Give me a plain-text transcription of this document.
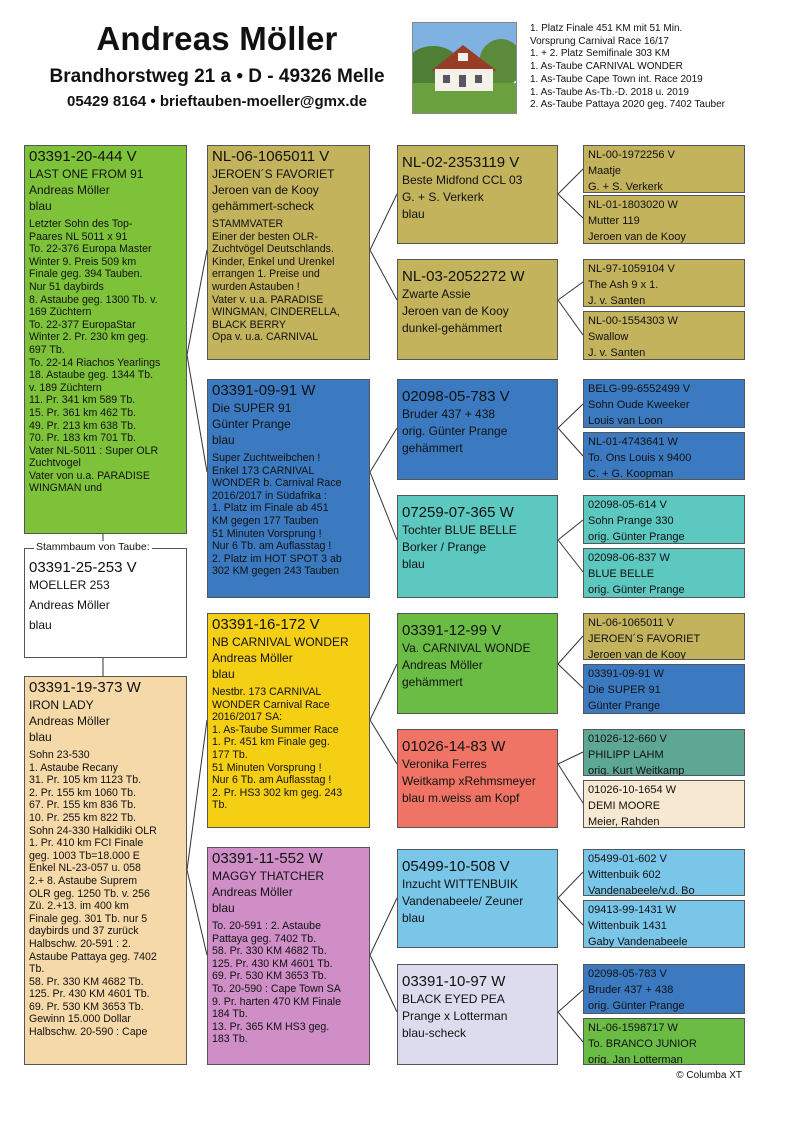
Andreas Möller
Brandhorstweg 21 a • D - 49326 Melle
05429 8164 • brieftauben-moeller@gmx.de
1. Platz Finale 451 KM mit 51 Min.
Vorsprung Carnival Race 16/17
1. + 2. Platz Semifinale 303 KM
1. As-Taube CARNIVAL WONDER
1. As-Taube Cape Town int. Race 2019
1. As-Taube As-Tb.-D. 2018 u. 2019
2. As-Taube Pattaya 2020 geg. 7402 Tauber
03391-20-444 V
LAST ONE FROM 91
Andreas Möller
blau
Letzter Sohn des Top-
Paares NL 5011 x 91
To. 22-376 Europa Master
Winter 9. Preis 509 km
Finale geg. 394 Tauben.
Nur 51 daybirds
8. Astaube geg. 1300 Tb. v.
169 Züchtern
To. 22-377 EuropaStar
Winter 2. Pr. 230 km geg.
697 Tb.
To. 22-14 Riachos Yearlings
18. Astaube geg. 1344 Tb.
v. 189 Züchtern
11. Pr. 341 km 589 Tb.
15. Pr. 361 km 462 Tb.
49. Pr. 213 km 638 Tb.
70. Pr. 183 km 701 Tb.
Vater NL-5011 : Super OLR
Zuchtvogel
Vater von u.a. PARADISE
WINGMAN und
03391-25-253 V
MOELLER 253
Andreas Möller
blau
Stammbaum von Taube:
03391-19-373 W
IRON LADY
Andreas Möller
blau
Sohn 23-530
1. Astaube Recany
31. Pr. 105 km 1123 Tb.
2. Pr. 155 km 1060 Tb.
67. Pr. 155 km 836 Tb.
10. Pr. 255 km 822 Tb.
Sohn 24-330 Halkidiki OLR
1. Pr. 410 km FCI Finale
geg. 1003 Tb=18.000 E
Enkel NL-23-057 u. 058
2.+ 8. Astaube Suprem
OLR geg. 1250 Tb. v. 256
Zü. 2.+13. im 400 km
Finale geg. 301 Tb. nur 5
daybirds und 37 zurück
Halbschw. 20-591 : 2.
Astaube Pattaya geg. 7402
Tb.
58. Pr. 330 KM 4682 Tb.
125. Pr. 430 KM 4601 Tb.
69. Pr. 530 KM 3653 Tb.
Gewinn 15.000 Dollar
Halbschw. 20-590 : Cape
NL-06-1065011 V
JEROEN´S FAVORIET
Jeroen van de Kooy
gehämmert-scheck
STAMMVATER
Einer der besten OLR-
Zuchtvögel Deutschlands.
Kinder, Enkel und Urenkel
errangen 1. Preise und
wurden Astauben !
Vater v. u.a. PARADISE
WINGMAN, CINDERELLA,
BLACK BERRY
Opa v. u.a. CARNIVAL
03391-09-91 W
Die SUPER 91
Günter Prange
blau
Super Zuchtweibchen !
Enkel 173 CARNIVAL
WONDER b. Carnival Race
2016/2017 in Südafrika :
1. Platz im Finale ab 451
KM gegen 177 Tauben
51 Minuten Vorsprung !
Nur 6 Tb. am Auflasstag !
2. Platz im HOT SPOT 3 ab
302 KM gegen 243 Tauben
03391-16-172 V
NB CARNIVAL WONDER
Andreas Möller
blau
Nestbr. 173 CARNIVAL
WONDER Carnival Race
2016/2017 SA:
1. As-Taube Summer Race
1. Pr. 451 km Finale geg.
177 Tb.
51 Minuten Vorsprung !
Nur 6 Tb. am Auflasstag !
2. Pr. HS3 302 km geg. 243
Tb.
03391-11-552 W
MAGGY THATCHER
Andreas Möller
blau
To. 20-591 : 2. Astaube
Pattaya geg. 7402 Tb.
58. Pr. 330 KM 4682 Tb.
125. Pr. 430 KM 4601 Tb.
69. Pr. 530 KM 3653 Tb.
To. 20-590 : Cape Town SA
9. Pr. harten 470 KM Finale
184 Tb.
13. Pr. 365 KM HS3 geg.
183 Tb.
NL-02-2353119 V
Beste Midfond CCL 03
G. + S. Verkerk
blau
NL-03-2052272 W
Zwarte Assie
Jeroen van de Kooy
dunkel-gehämmert
02098-05-783 V
Bruder 437 + 438
orig. Günter Prange
gehämmert
07259-07-365 W
Tochter BLUE BELLE
Borker / Prange
blau
03391-12-99 V
Va. CARNIVAL WONDE
Andreas Möller
gehämmert
01026-14-83 W
Veronika Ferres
Weitkamp xRehmsmeyer
blau m.weiss am Kopf
05499-10-508 V
Inzucht WITTENBUIK
Vandenabeele/ Zeuner
blau
03391-10-97 W
BLACK EYED PEA
Prange x Lotterman
blau-scheck
NL-00-1972256 V
Maatje
G. + S. Verkerk
NL-01-1803020 W
Mutter 119
Jeroen van de Kooy
NL-97-1059104 V
The Ash 9 x 1.
J. v. Santen
NL-00-1554303 W
Swallow
J. v. Santen
BELG-99-6552499 V
Sohn Oude Kweeker
Louis van Loon
NL-01-4743641 W
To. Ons Louis x 9400
C. + G. Koopman
02098-05-614 V
Sohn Prange 330
orig. Günter Prange
02098-06-837 W
BLUE BELLE
orig. Günter Prange
NL-06-1065011 V
JEROEN´S FAVORIET
Jeroen van de Kooy
03391-09-91 W
Die SUPER 91
Günter Prange
01026-12-660 V
PHILIPP LAHM
orig. Kurt Weitkamp
01026-10-1654 W
DEMI MOORE
Meier, Rahden
05499-01-602 V
Wittenbuik 602
Vandenabeele/v.d. Bo
09413-99-1431 W
Wittenbuik 1431
Gaby Vandenabeele
02098-05-783 V
Bruder 437 + 438
orig. Günter Prange
NL-06-1598717 W
To. BRANCO JUNIOR
orig. Jan Lotterman
© Columba XT
